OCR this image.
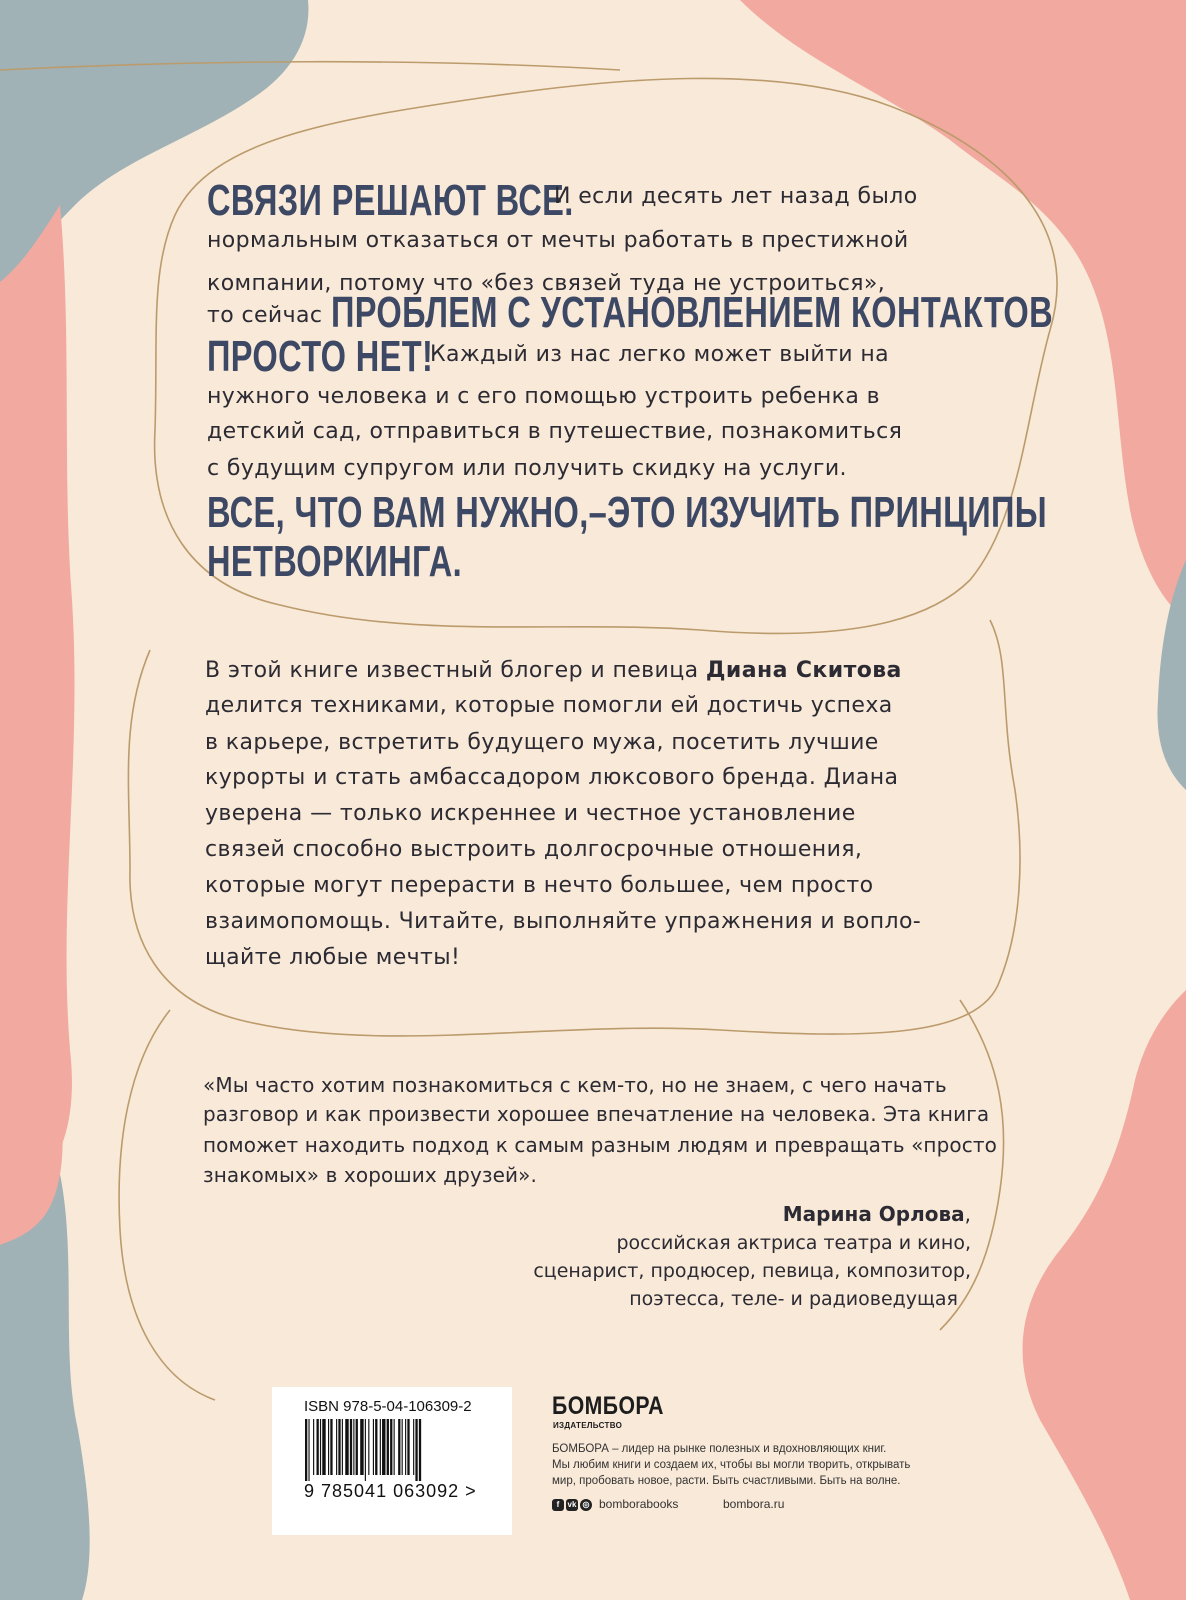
СВЯЗИ РЕШАЮТ ВСЕ.
И если десять лет назад было
нормальным отказаться от мечты работать в престижной
компании, потому что «без связей туда не устроиться»,
то сейчас ПРОБЛЕМ С УСТАНОВЛЕНИЕМ КОНТАКТОВ
ПРОСТО НЕТ!
Каждый из нас легко может выйти на
нужного человека и с его помощью устроить ребенка в
детский сад, отправиться в путешествие, познакомиться
с будущим супругом или получить скидку на услуги.
ВСЕ, ЧТО ВАМ НУЖНО,–ЭТО ИЗУЧИТЬ ПРИНЦИПЫ
НЕТВОРКИНГА.
В этой книге известный блогер и певица Диана Скитова
делится техниками, которые помогли ей достичь успеха
в карьере, встретить будущего мужа, посетить лучшие
курорты и стать амбассадором люксового бренда. Диана
уверена — только искреннее и честное установление
связей способно выстроить долгосрочные отношения,
которые могут перерасти в нечто большее, чем просто
взаимопомощь. Читайте, выполняйте упражнения и вопло-
щайте любые мечты!
«Мы часто хотим познакомиться с кем-то, но не знаем, с чего начать
разговор и как произвести хорошее впечатление на человека. Эта книга
поможет находить подход к самым разным людям и превращать «просто
знакомых» в хороших друзей».
Марина Орлова,
российская актриса театра и кино,
сценарист, продюсер, певица, композитор,
поэтесса, теле- и радиоведущая
ISBN 978-5-04-106309-2
9 785041 063092 >
БОМБОРА
ИЗДАТЕЛЬСТВО
БОМБОРА – лидер на рынке полезных и вдохновляющих книг.
Мы любим книги и создаем их, чтобы вы могли творить, открывать
мир, пробовать новое, расти. Быть счастливыми. Быть на волне.
f	vk ◎ bomborabooks	bombora.ru
